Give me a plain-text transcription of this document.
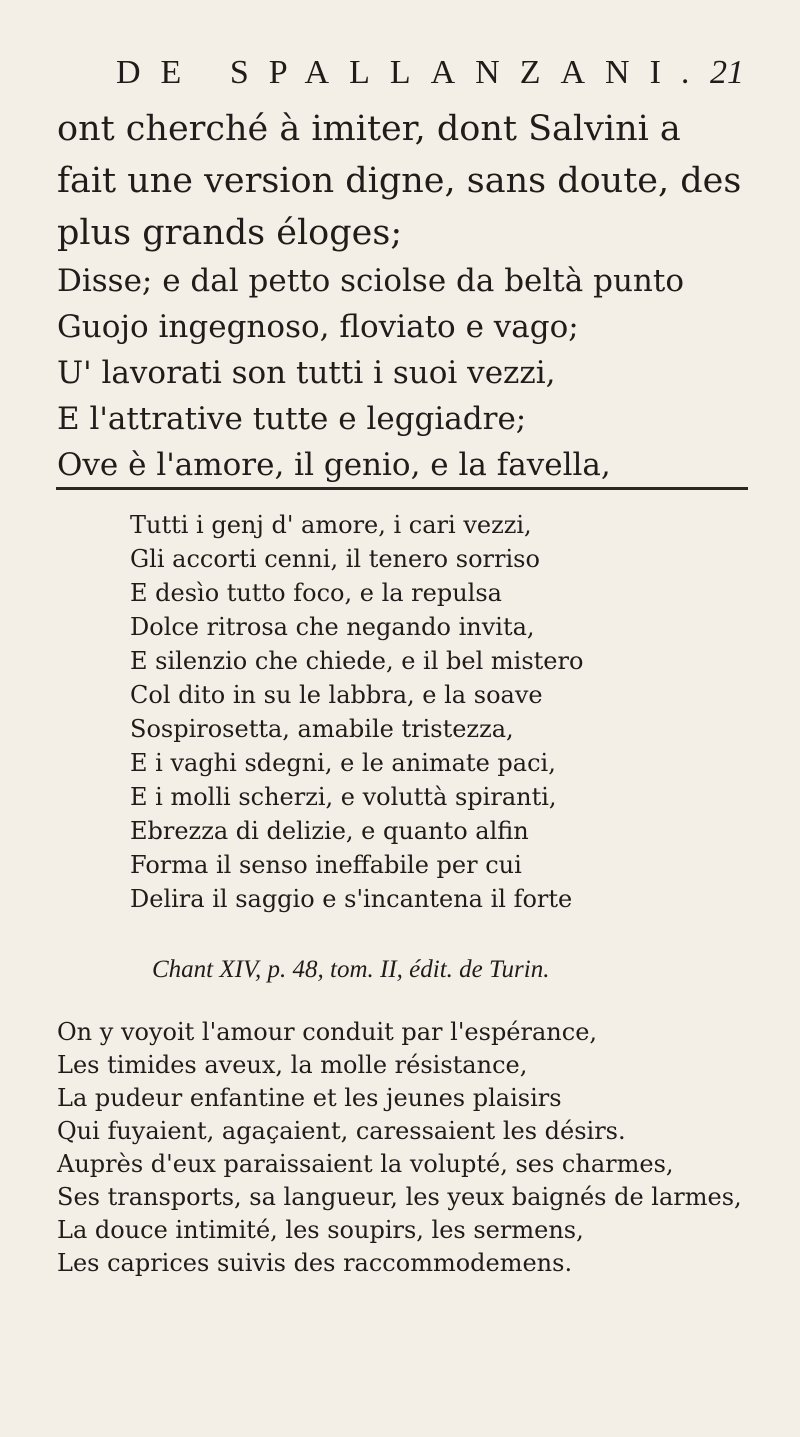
DE SPALLANZANI. 21
ont cherché à imiter, dont Salvini a
fait une version digne, sans doute, des
plus grands éloges;
Disse; e dal petto sciolse da beltà punto
Guojo ingegnoso, floviato e vago;
U' lavorati son tutti i suoi vezzi,
E l'attrative tutte e leggiadre;
Ove è l'amore, il genio, e la favella,
Tutti i genj d' amore, i cari vezzi,
Gli accorti cenni, il tenero sorriso
E desìo tutto foco, e la repulsa
Dolce ritrosa che negando invita,
E silenzio che chiede, e il bel mistero
Col dito in su le labbra, e la soave
Sospirosetta, amabile tristezza,
E i vaghi sdegni, e le animate paci,
E i molli scherzi, e voluttà spiranti,
Ebrezza di delizie, e quanto alfin
Forma il senso ineffabile per cui
Delira il saggio e s'incantena il forte
Chant XIV, p. 48, tom. II, édit. de Turin.
On y voyoit l'amour conduit par l'espérance,
Les timides aveux, la molle résistance,
La pudeur enfantine et les jeunes plaisirs
Qui fuyaient, agaçaient, caressaient les désirs.
Auprès d'eux paraissaient la volupté, ses charmes,
Ses transports, sa langueur, les yeux baignés de larmes,
La douce intimité, les soupirs, les sermens,
Les caprices suivis des raccommodemens.
